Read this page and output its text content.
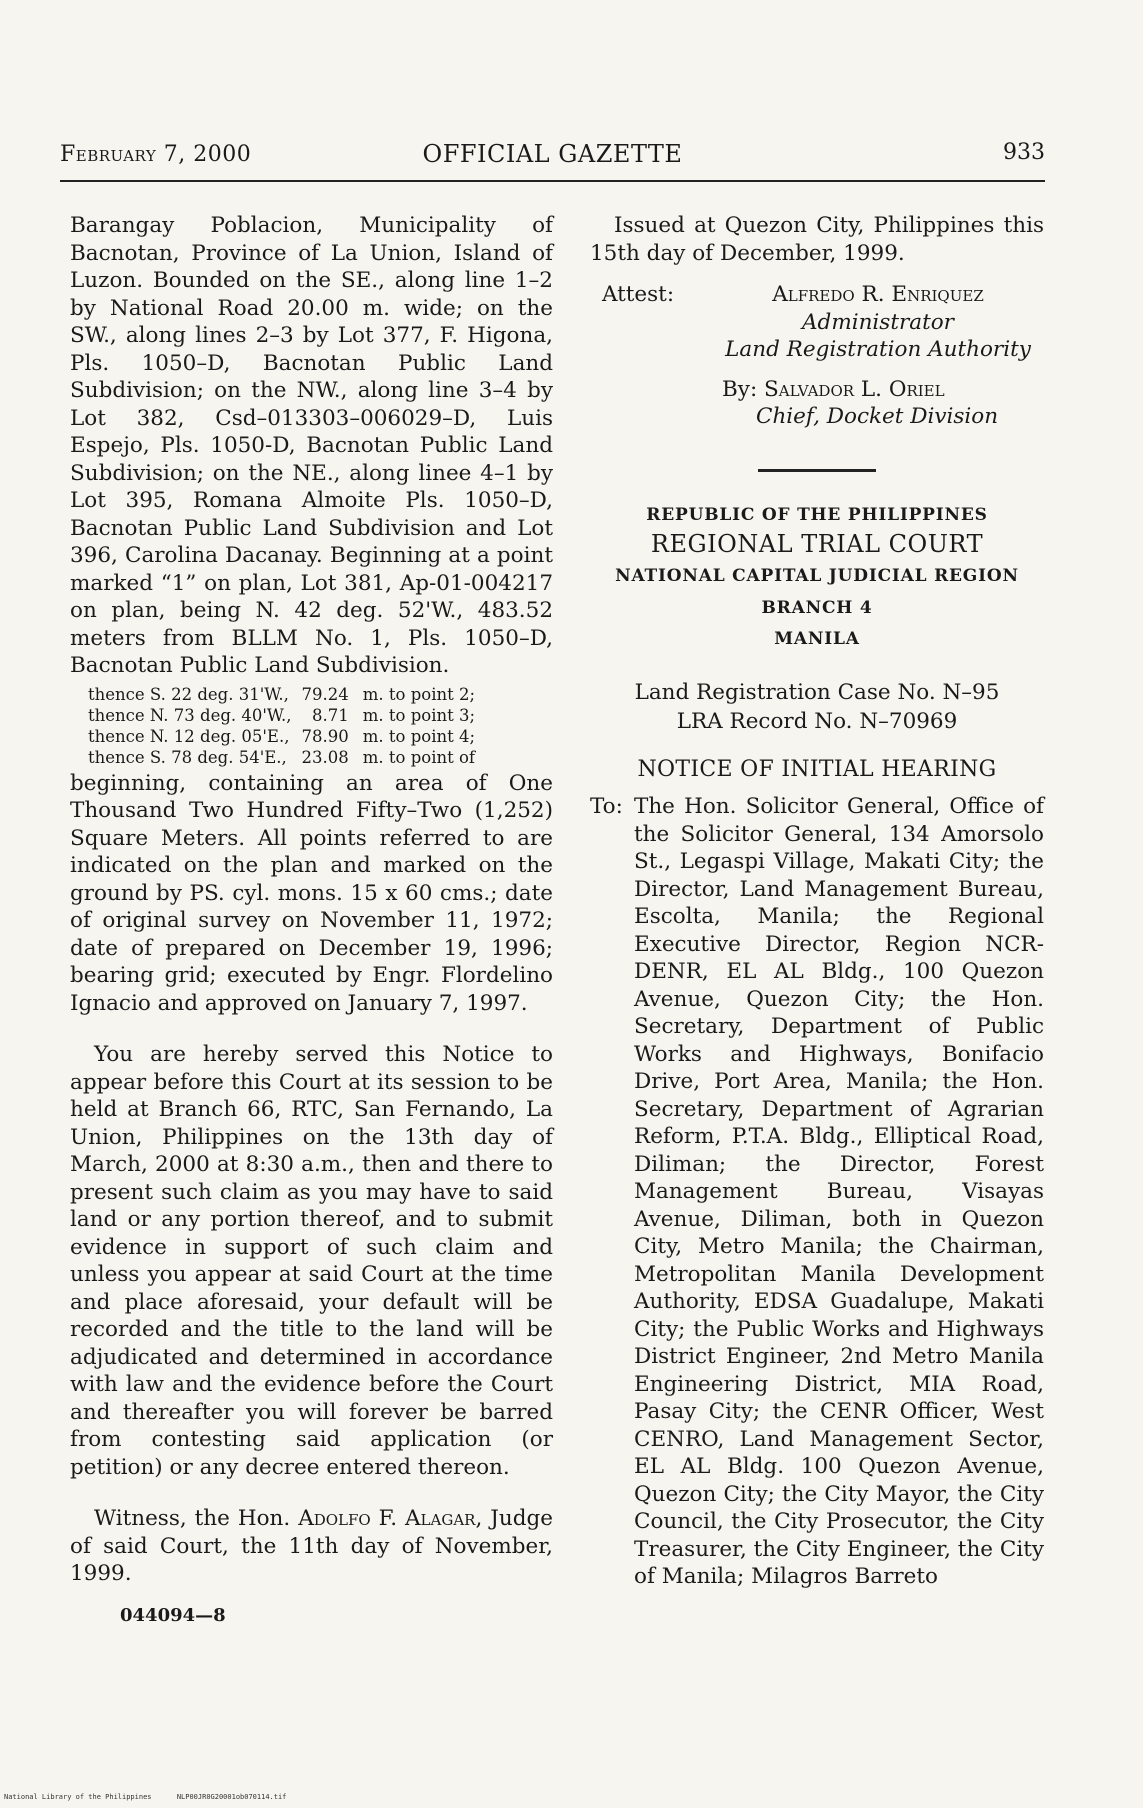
February 7, 2000	OFFICIAL GAZETTE	933

Barangay Poblacion, Municipality of Bacnotan, Province of La Union, Island of Luzon. Bounded on the SE., along line 1–2 by National Road 20.00 m. wide; on the SW., along lines 2–3 by Lot 377, F. Higona, Pls. 1050–D, Bacnotan Public Land Subdivision; on the NW., along line 3–4 by Lot 382, Csd–013303–006029–D, Luis Espejo, Pls. 1050-D, Bacnotan Public Land Subdivision; on the NE., along linee 4–1 by Lot 395, Romana Almoite Pls. 1050–D, Bacnotan Public Land Subdivision and Lot 396, Carolina Dacanay. Beginning at a point marked “1” on plan, Lot 381, Ap-01-004217 on plan, being N. 42 deg. 52'W., 483.52 meters from BLLM No. 1, Pls. 1050–D, Bacnotan Public Land Subdivision.

thence S. 22 deg. 31'W.,	79.24	m. to point 2;
thence N. 73 deg. 40'W.,	8.71	m. to point 3;
thence N. 12 deg. 05'E.,	78.90	m. to point 4;
thence S. 78 deg. 54'E.,	23.08	m. to point of

beginning, containing an area of One Thousand Two Hundred Fifty–Two (1,252) Square Meters. All points referred to are indicated on the plan and marked on the ground by PS. cyl. mons. 15 x 60 cms.; date of original survey on November 11, 1972; date of prepared on December 19, 1996; bearing grid; executed by Engr. Flordelino Ignacio and approved on January 7, 1997.

You are hereby served this Notice to appear before this Court at its session to be held at Branch 66, RTC, San Fernando, La Union, Philippines on the 13th day of March, 2000 at 8:30 a.m., then and there to present such claim as you may have to said land or any portion thereof, and to submit evidence in support of such claim and unless you appear at said Court at the time and place aforesaid, your default will be recorded and the title to the land will be adjudicated and determined in accordance with law and the evidence before the Court and thereafter you will forever be barred from contesting said application (or petition) or any decree entered thereon.

Witness, the Hon. Adolfo F. Alagar, Judge of said Court, the 11th day of November, 1999.

044094—8

Issued at Quezon City, Philippines this 15th day of December, 1999.

Attest:	Alfredo R. Enriquez
Administrator
Land Registration Authority
By: Salvador L. Oriel
Chief, Docket Division
REPUBLIC OF THE PHILIPPINES
REGIONAL TRIAL COURT
NATIONAL CAPITAL JUDICIAL REGION
BRANCH 4
MANILA
Land Registration Case No. N–95
LRA Record No. N–70969
NOTICE OF INITIAL HEARING
To: The Hon. Solicitor General, Office of the Solicitor General, 134 Amorsolo St., Legaspi Village, Makati City; the Director, Land Management Bureau, Escolta, Manila; the Regional Executive Director, Region NCR-DENR, EL AL Bldg., 100 Quezon Avenue, Quezon City; the Hon. Secretary, Department of Public Works and Highways, Bonifacio Drive, Port Area, Manila; the Hon. Secretary, Department of Agrarian Reform, P.T.A. Bldg., Elliptical Road, Diliman; the Director, Forest Management Bureau, Visayas Avenue, Diliman, both in Quezon City, Metro Manila; the Chairman, Metropolitan Manila Development Authority, EDSA Guadalupe, Makati City; the Public Works and Highways District Engineer, 2nd Metro Manila Engineering District, MIA Road, Pasay City; the CENR Officer, West CENRO, Land Management Sector, EL AL Bldg. 100 Quezon Avenue, Quezon City; the City Mayor, the City Council, the City Prosecutor, the City Treasurer, the City Engineer, the City of Manila; Milagros Barreto
National Library of the Philippines	NLP00JR0G20001ob070114.tif
